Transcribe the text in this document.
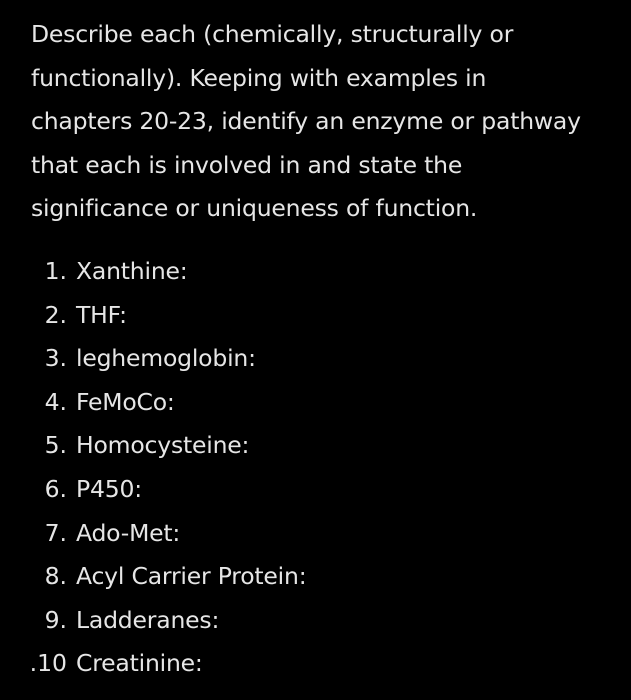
Describe each (chemically, structurally or
functionally). Keeping with examples in
chapters 20-23, identify an enzyme or pathway
that each is involved in and state the
significance or uniqueness of function.

1. Xanthine:
2. THF:
3. leghemoglobin:
4. FeMoCo:
5. Homocysteine:
6. P450:
7. Ado-Met:
8. Acyl Carrier Protein:
9. Ladderanes:
10. Creatinine:
